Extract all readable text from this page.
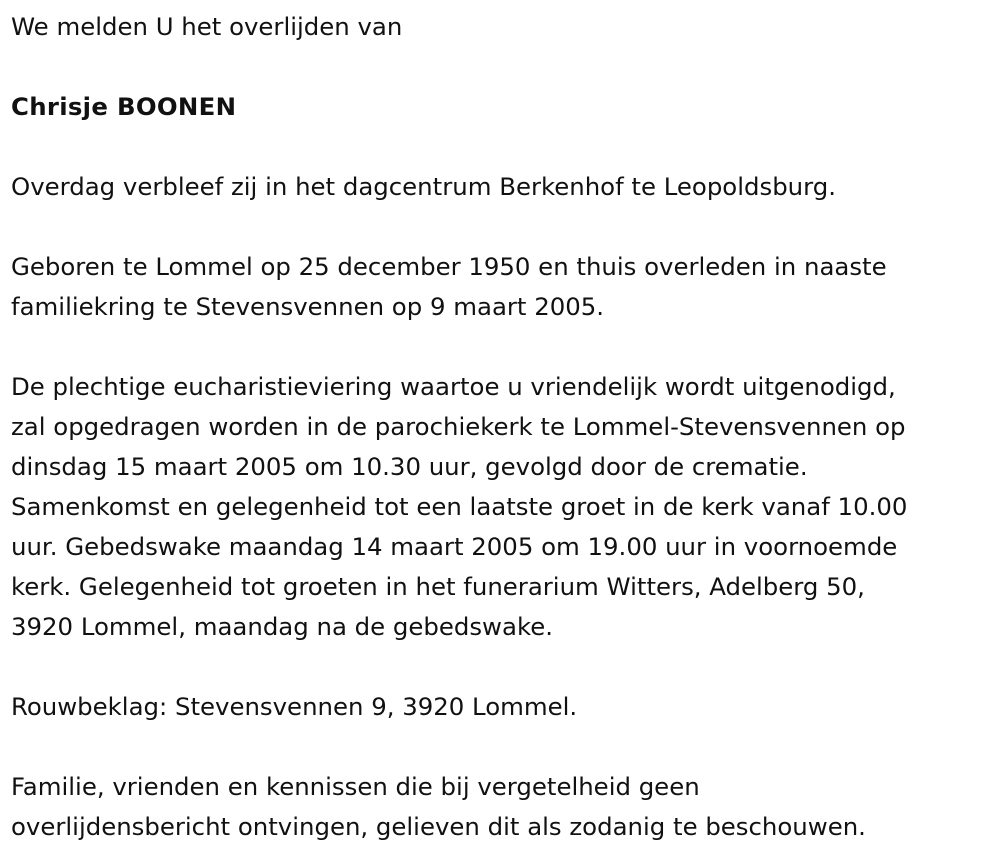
We melden U het overlijden van

Chrisje BOONEN

Overdag verbleef zij in het dagcentrum Berkenhof te Leopoldsburg.

Geboren te Lommel op 25 december 1950 en thuis overleden in naaste
familiekring te Stevensvennen op 9 maart 2005.

De plechtige eucharistieviering waartoe u vriendelijk wordt uitgenodigd,
zal opgedragen worden in de parochiekerk te Lommel-Stevensvennen op
dinsdag 15 maart 2005 om 10.30 uur, gevolgd door de crematie.
Samenkomst en gelegenheid tot een laatste groet in de kerk vanaf 10.00
uur. Gebedswake maandag 14 maart 2005 om 19.00 uur in voornoemde
kerk. Gelegenheid tot groeten in het funerarium Witters, Adelberg 50,
3920 Lommel, maandag na de gebedswake.

Rouwbeklag: Stevensvennen 9, 3920 Lommel.

Familie, vrienden en kennissen die bij vergetelheid geen
overlijdensbericht ontvingen, gelieven dit als zodanig te beschouwen.
